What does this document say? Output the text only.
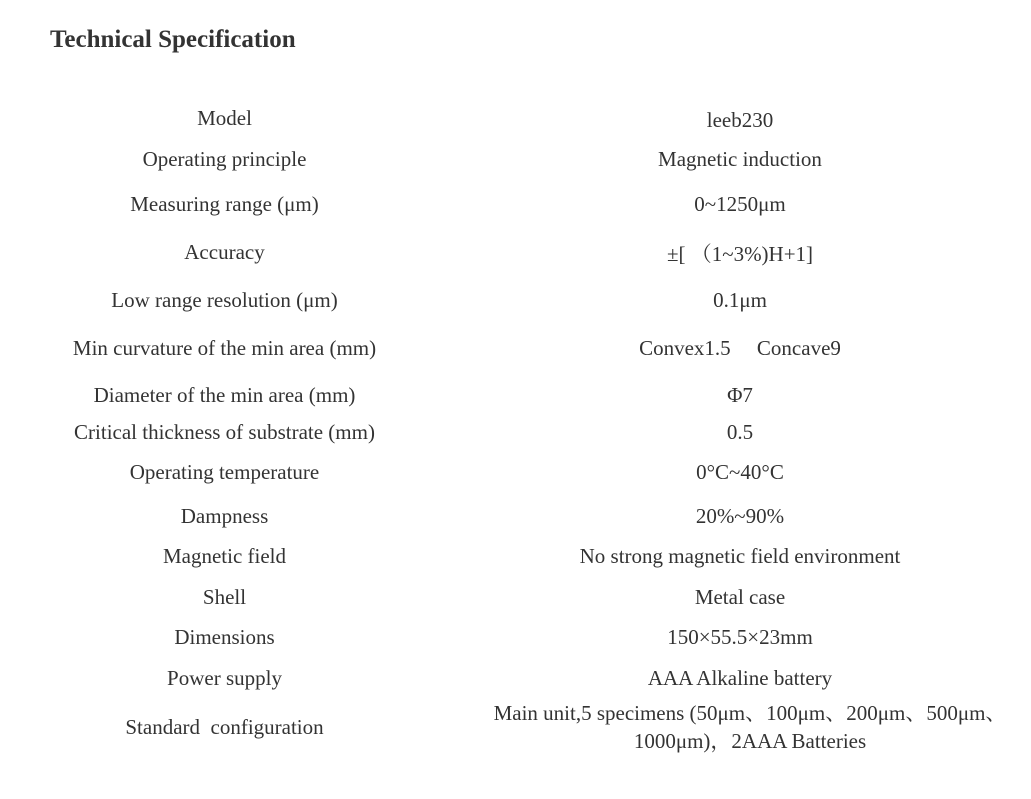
Technical Specification
Model	leeb230
Operating principle	Magnetic induction
Measuring range (μm)	0~1250μm
Accuracy	±[ （1~3%)H+1]
Low range resolution (μm)	0.1μm
Min curvature of the min area (mm)	Convex1.5 　Concave9
Diameter of the min area (mm)	Φ7
Critical thickness of substrate (mm)	0.5
Operating temperature	0°C~40°C
Dampness	20%~90%
Magnetic field	No strong magnetic field environment
Shell	Metal case
Dimensions	150×55.5×23mm
Power supply	AAA Alkaline battery
Standard  configuration	Main unit,5 specimens (50μm、100μm、200μm、500μm、
1000μm)，2AAA Batteries
